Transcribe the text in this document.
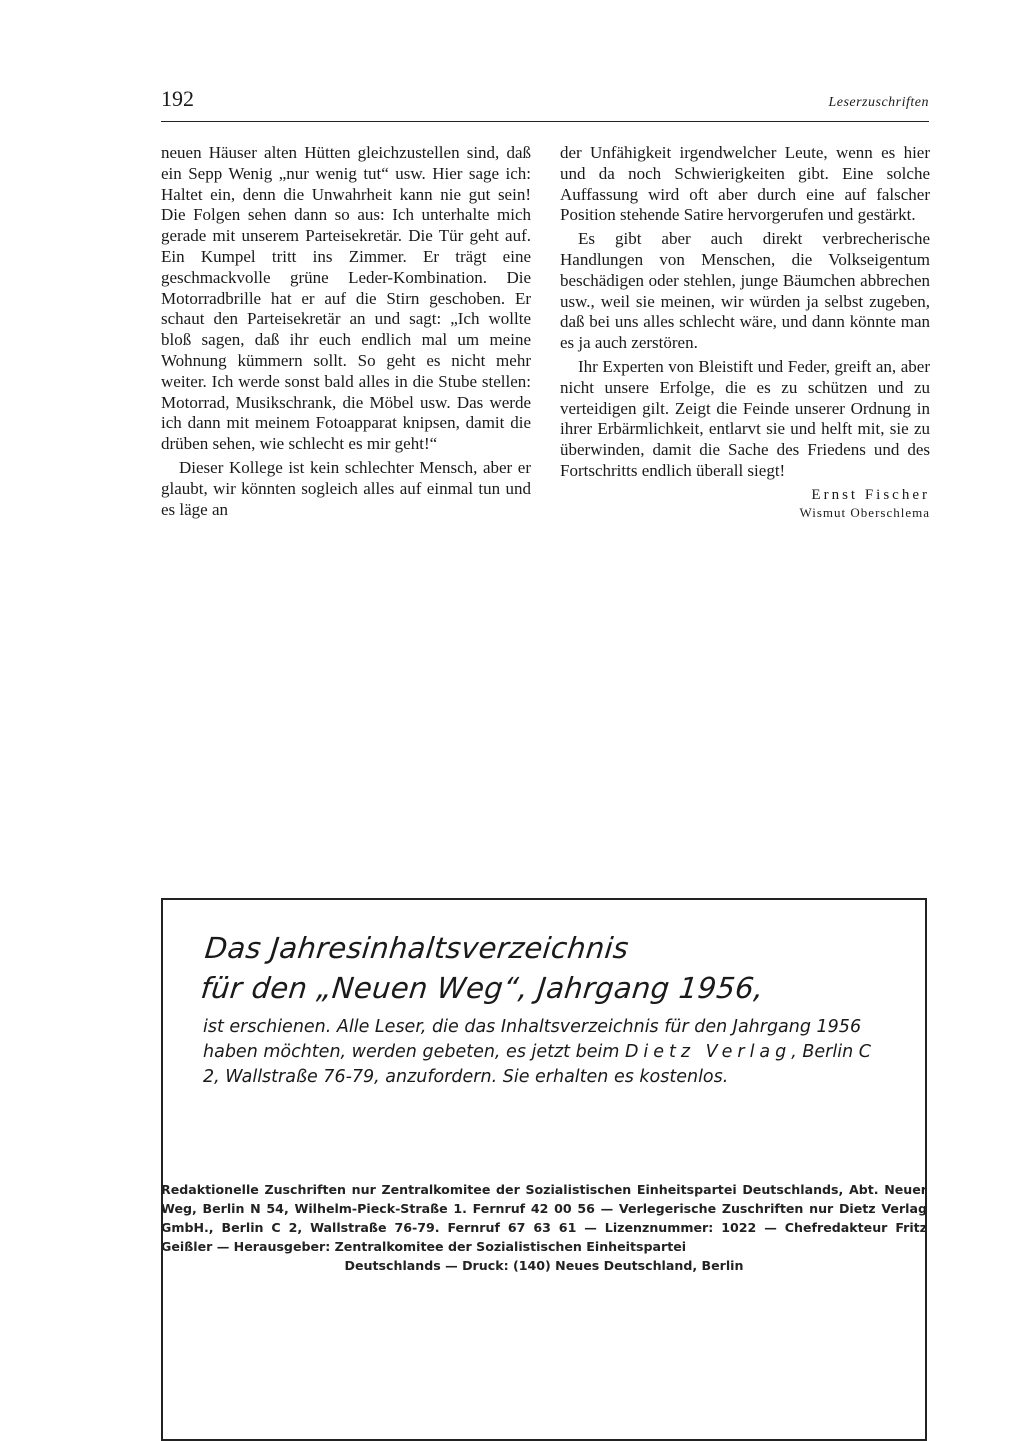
192	Leserzuschriften

neuen Häuser alten Hütten gleichzustellen sind, daß ein Sepp Wenig „nur wenig tut“ usw. Hier sage ich: Haltet ein, denn die Unwahrheit kann nie gut sein! Die Folgen sehen dann so aus: Ich unterhalte mich gerade mit unserem Parteisekretär. Die Tür geht auf. Ein Kumpel tritt ins Zimmer. Er trägt eine geschmackvolle grüne Leder-Kombination. Die Motorradbrille hat er auf die Stirn geschoben. Er schaut den Parteisekretär an und sagt: „Ich wollte bloß sagen, daß ihr euch endlich mal um meine Wohnung kümmern sollt. So geht es nicht mehr weiter. Ich werde sonst bald alles in die Stube stellen: Motorrad, Musikschrank, die Möbel usw. Das werde ich dann mit meinem Fotoapparat knipsen, damit die drüben sehen, wie schlecht es mir geht!“

Dieser Kollege ist kein schlechter Mensch, aber er glaubt, wir könnten sogleich alles auf einmal tun und es läge an

der Unfähigkeit irgendwelcher Leute, wenn es hier und da noch Schwierigkeiten gibt. Eine solche Auffassung wird oft aber durch eine auf falscher Position stehende Satire hervorgerufen und gestärkt.

Es gibt aber auch direkt verbrecherische Handlungen von Menschen, die Volkseigentum beschädigen oder stehlen, junge Bäumchen abbrechen usw., weil sie meinen, wir würden ja selbst zugeben, daß bei uns alles schlecht wäre, und dann könnte man es ja auch zerstören.

Ihr Experten von Bleistift und Feder, greift an, aber nicht unsere Erfolge, die es zu schützen und zu verteidigen gilt. Zeigt die Feinde unserer Ordnung in ihrer Erbärmlichkeit, entlarvt sie und helft mit, sie zu überwinden, damit die Sache des Friedens und des Fortschritts endlich überall siegt!

Ernst Fischer
Wismut Oberschlema
Das Jahresinhaltsverzeichnis
für den „Neuen Weg“, Jahrgang 1956,
ist erschienen. Alle Leser, die das Inhaltsverzeichnis für den Jahrgang 1956 haben möchten, werden gebeten, es jetzt beim Dietz Verlag, Berlin C 2, Wallstraße 76-79, anzufordern. Sie erhalten es kostenlos.
Redaktionelle Zuschriften nur Zentralkomitee der Sozialistischen Einheitspartei Deutschlands, Abt. Neuer Weg, Berlin N 54, Wilhelm-Pieck-Straße 1. Fernruf 42 00 56 — Verlegerische Zuschriften nur Dietz Verlag GmbH., Berlin C 2, Wallstraße 76-79. Fernruf 67 63 61 — Lizenznummer: 1022 — Chefredakteur Fritz Geißler — Herausgeber: Zentralkomitee der Sozialistischen Einheitspartei
Deutschlands — Druck: (140) Neues Deutschland, Berlin
